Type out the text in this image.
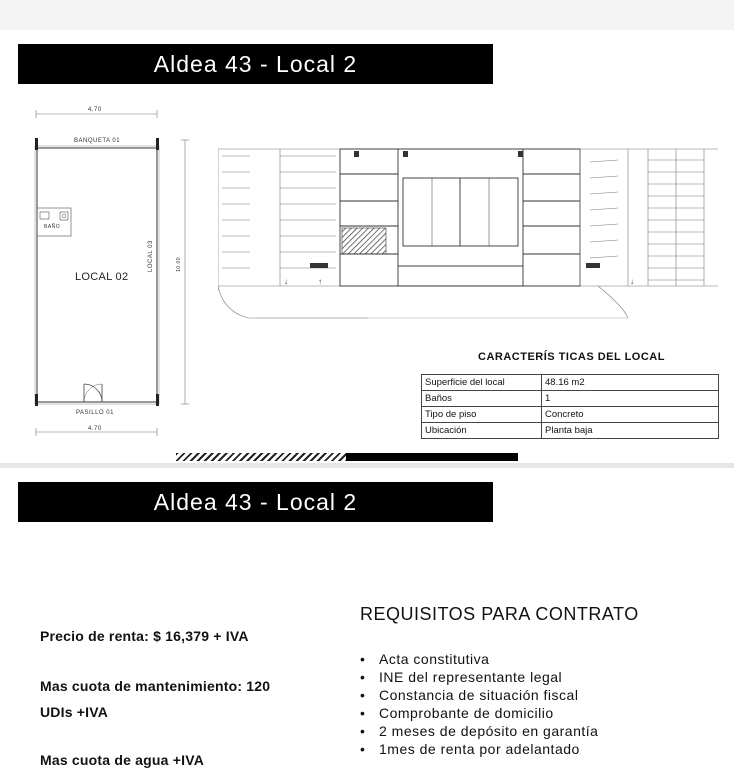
Aldea 43 - Local 2
4.70
BANQUETA 01
BAÑO
LOCAL 02
PASILLO 01
4.70
LOCAL 03	10.00
↓	↑	↓
CARACTERÍS TICAS DEL LOCAL
Superficie del local	48.16 m2
Baños	1
Tipo de piso	Concreto
Ubicación	Planta baja
Aldea 43 - Local 2
Precio de renta: $ 16,379 + IVA
Mas cuota de mantenimiento: 120
UDIs +IVA
Mas cuota de agua +IVA
REQUISITOS PARA CONTRATO
• Acta constitutiva
• INE del representante legal
• Constancia de situación fiscal
• Comprobante de domicilio
• 2 meses de depósito en garantía
• 1mes de renta por adelantado
